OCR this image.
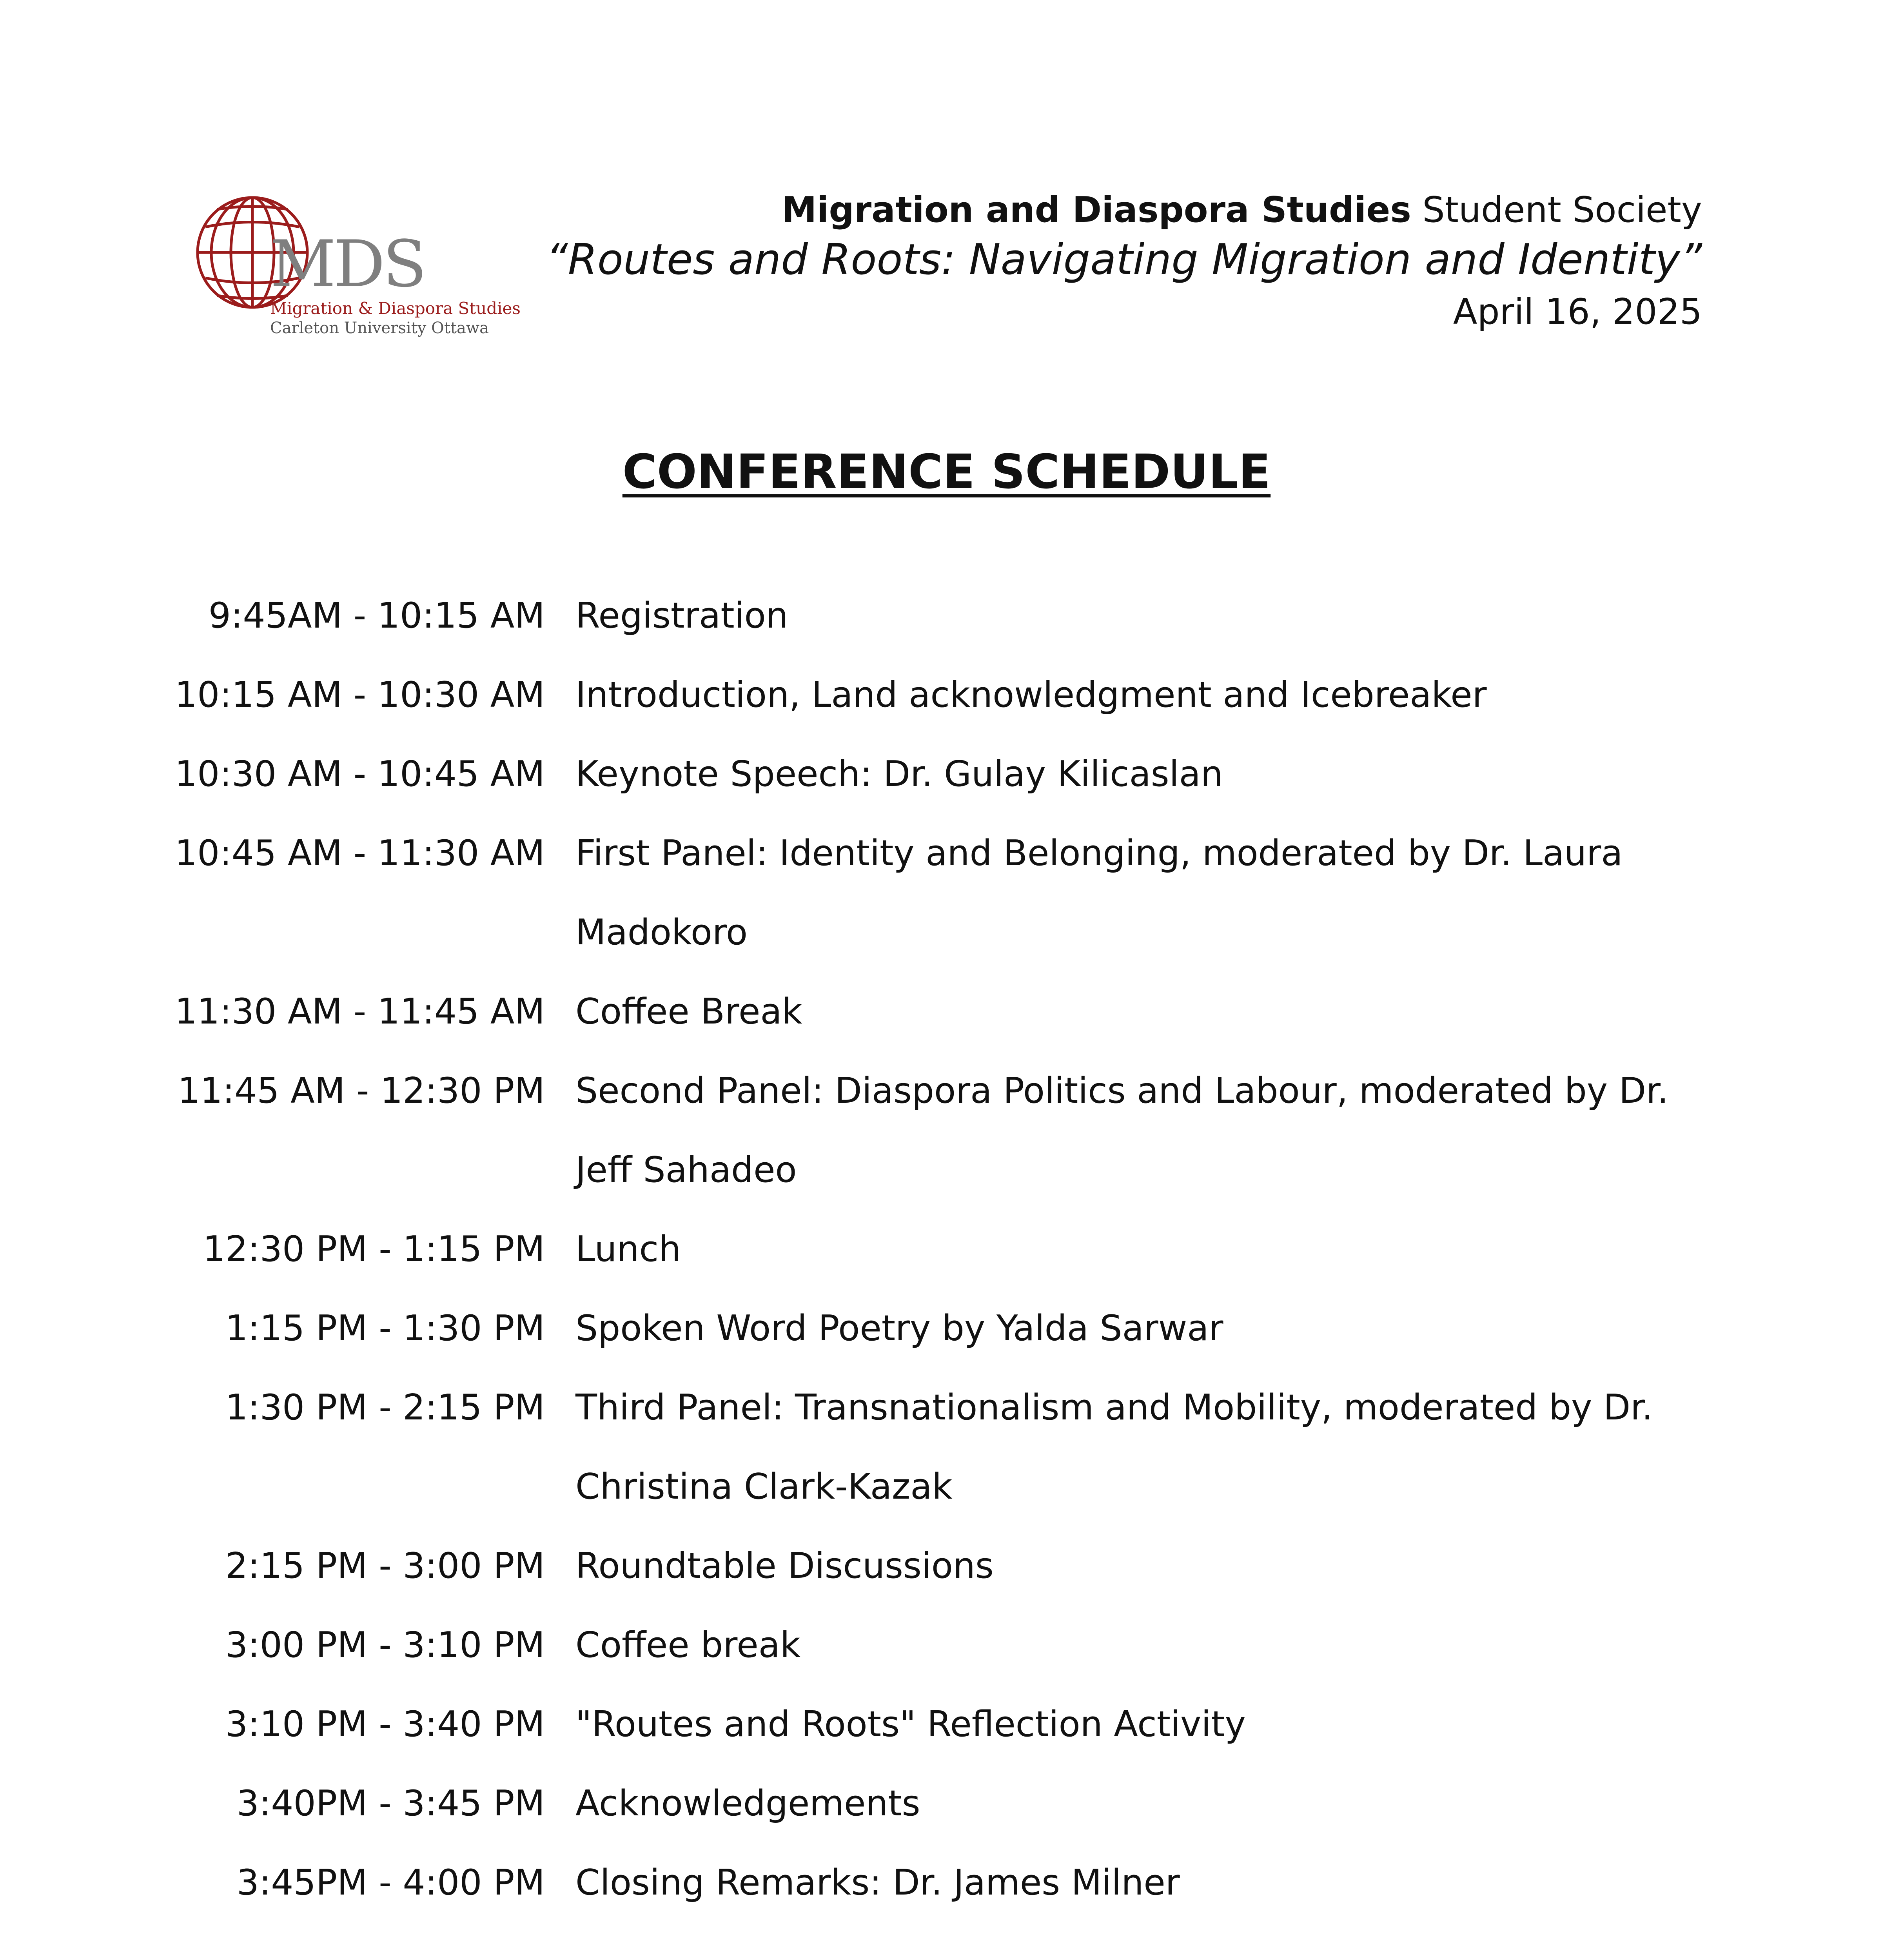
MDS
Migration & Diaspora Studies
Carleton University Ottawa
Migration and Diaspora Studies Student Society
“Routes and Roots: Navigating Migration and Identity”
April 16, 2025
CONFERENCE SCHEDULE
9:45AM - 10:15 AM Registration
10:15 AM - 10:30 AM Introduction, Land acknowledgment and Icebreaker
10:30 AM - 10:45 AM Keynote Speech: Dr. Gulay Kilicaslan
10:45 AM - 11:30 AM First Panel: Identity and Belonging, moderated by Dr. Laura
Madokoro
11:30 AM - 11:45 AM Coffee Break
11:45 AM - 12:30 PM Second Panel: Diaspora Politics and Labour, moderated by Dr.
Jeff Sahadeo
12:30 PM - 1:15 PM Lunch
1:15 PM - 1:30 PM Spoken Word Poetry by Yalda Sarwar
1:30 PM - 2:15 PM Third Panel: Transnationalism and Mobility, moderated by Dr.
Christina Clark-Kazak
2:15 PM - 3:00 PM Roundtable Discussions
3:00 PM - 3:10 PM Coffee break
3:10 PM - 3:40 PM "Routes and Roots" Reflection Activity
3:40PM - 3:45 PM Acknowledgements
3:45PM - 4:00 PM Closing Remarks: Dr. James Milner
